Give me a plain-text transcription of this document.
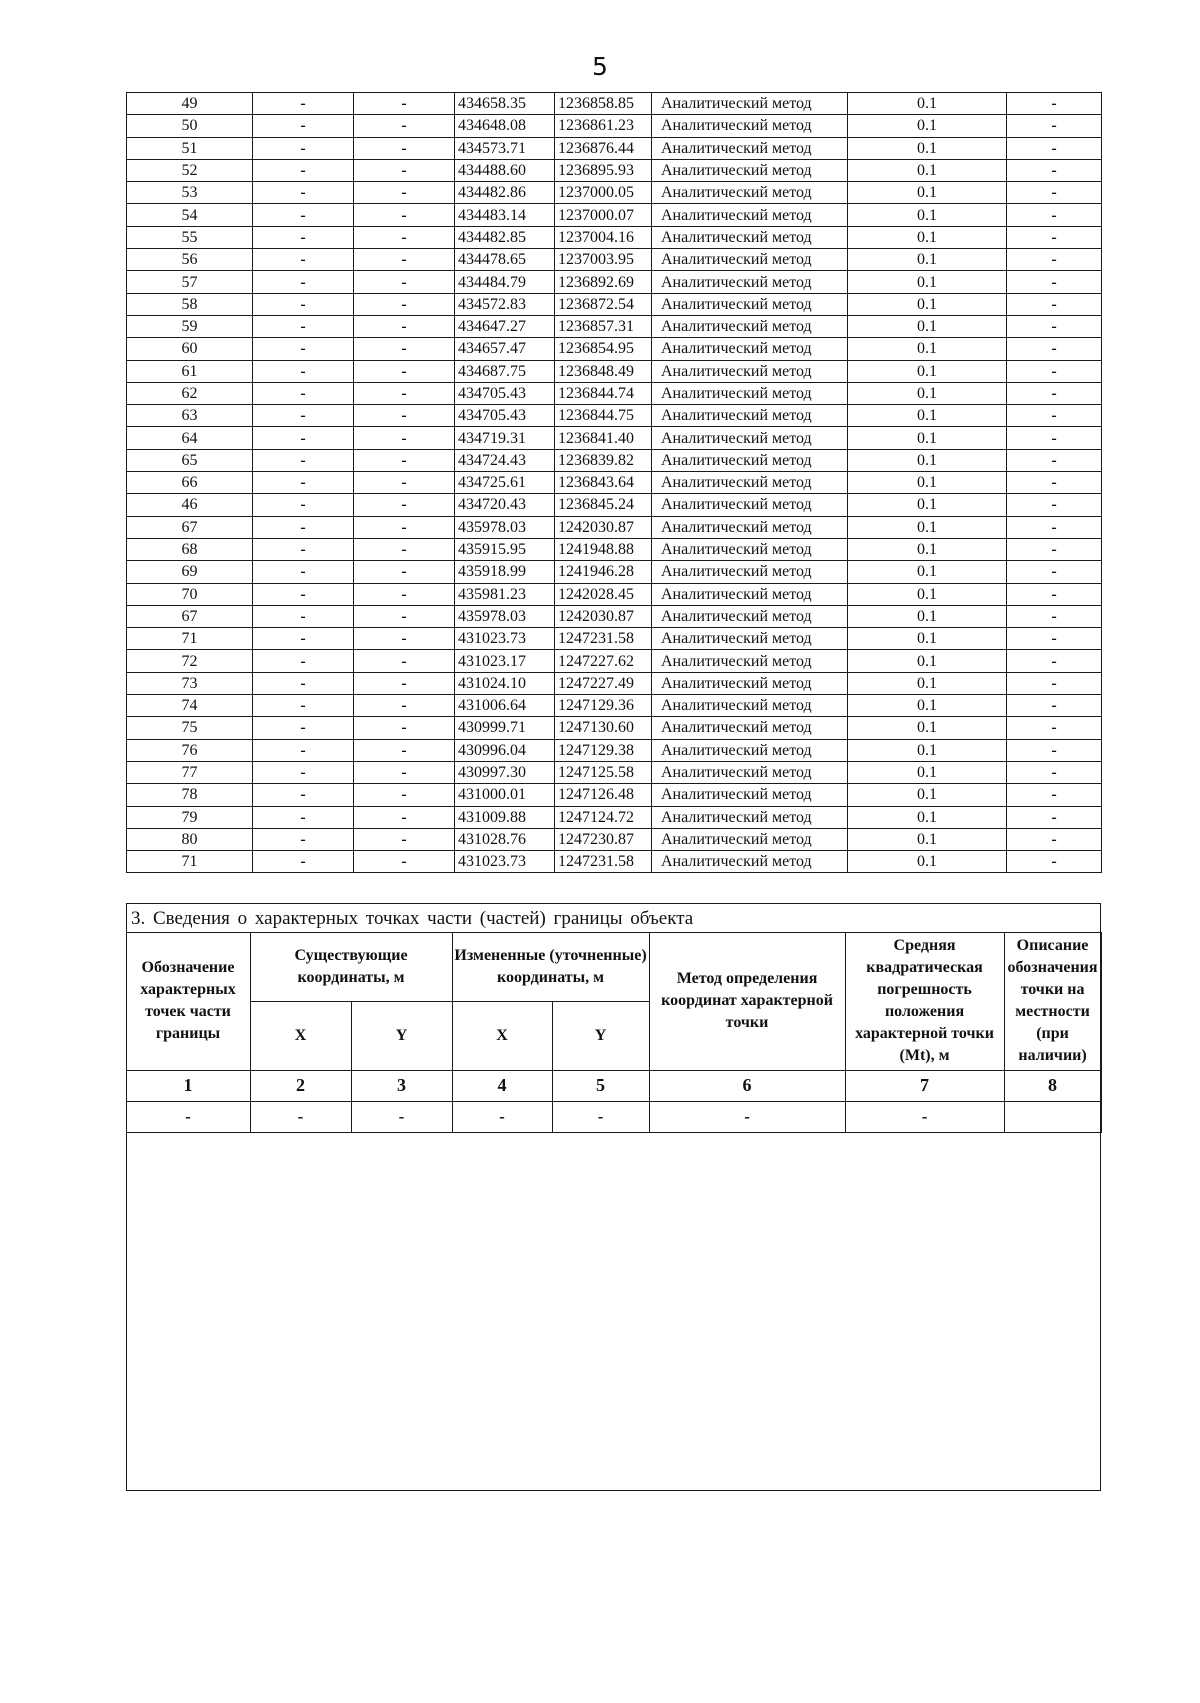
5
49	-	-	434658.35	1236858.85	Аналитический метод	0.1	-
50	-	-	434648.08	1236861.23	Аналитический метод	0.1	-
51	-	-	434573.71	1236876.44	Аналитический метод	0.1	-
52	-	-	434488.60	1236895.93	Аналитический метод	0.1	-
53	-	-	434482.86	1237000.05	Аналитический метод	0.1	-
54	-	-	434483.14	1237000.07	Аналитический метод	0.1	-
55	-	-	434482.85	1237004.16	Аналитический метод	0.1	-
56	-	-	434478.65	1237003.95	Аналитический метод	0.1	-
57	-	-	434484.79	1236892.69	Аналитический метод	0.1	-
58	-	-	434572.83	1236872.54	Аналитический метод	0.1	-
59	-	-	434647.27	1236857.31	Аналитический метод	0.1	-
60	-	-	434657.47	1236854.95	Аналитический метод	0.1	-
61	-	-	434687.75	1236848.49	Аналитический метод	0.1	-
62	-	-	434705.43	1236844.74	Аналитический метод	0.1	-
63	-	-	434705.43	1236844.75	Аналитический метод	0.1	-
64	-	-	434719.31	1236841.40	Аналитический метод	0.1	-
65	-	-	434724.43	1236839.82	Аналитический метод	0.1	-
66	-	-	434725.61	1236843.64	Аналитический метод	0.1	-
46	-	-	434720.43	1236845.24	Аналитический метод	0.1	-
67	-	-	435978.03	1242030.87	Аналитический метод	0.1	-
68	-	-	435915.95	1241948.88	Аналитический метод	0.1	-
69	-	-	435918.99	1241946.28	Аналитический метод	0.1	-
70	-	-	435981.23	1242028.45	Аналитический метод	0.1	-
67	-	-	435978.03	1242030.87	Аналитический метод	0.1	-
71	-	-	431023.73	1247231.58	Аналитический метод	0.1	-
72	-	-	431023.17	1247227.62	Аналитический метод	0.1	-
73	-	-	431024.10	1247227.49	Аналитический метод	0.1	-
74	-	-	431006.64	1247129.36	Аналитический метод	0.1	-
75	-	-	430999.71	1247130.60	Аналитический метод	0.1	-
76	-	-	430996.04	1247129.38	Аналитический метод	0.1	-
77	-	-	430997.30	1247125.58	Аналитический метод	0.1	-
78	-	-	431000.01	1247126.48	Аналитический метод	0.1	-
79	-	-	431009.88	1247124.72	Аналитический метод	0.1	-
80	-	-	431028.76	1247230.87	Аналитический метод	0.1	-
71	-	-	431023.73	1247231.58	Аналитический метод	0.1	-
3. Сведения о характерных точках части (частей) границы объекта
Обозначение характерных точек части границы	Существующие координаты, м		Измененные (уточненные) координаты, м		Метод определения координат характерной точки	Средняя квадратическая погрешность положения характерной точки (Mt), м	Описание обозначения точки на местности (при наличии)
	X	Y	X	Y			
1	2	3	4	5	6	7	8
-	-	-	-	-	-	-	
